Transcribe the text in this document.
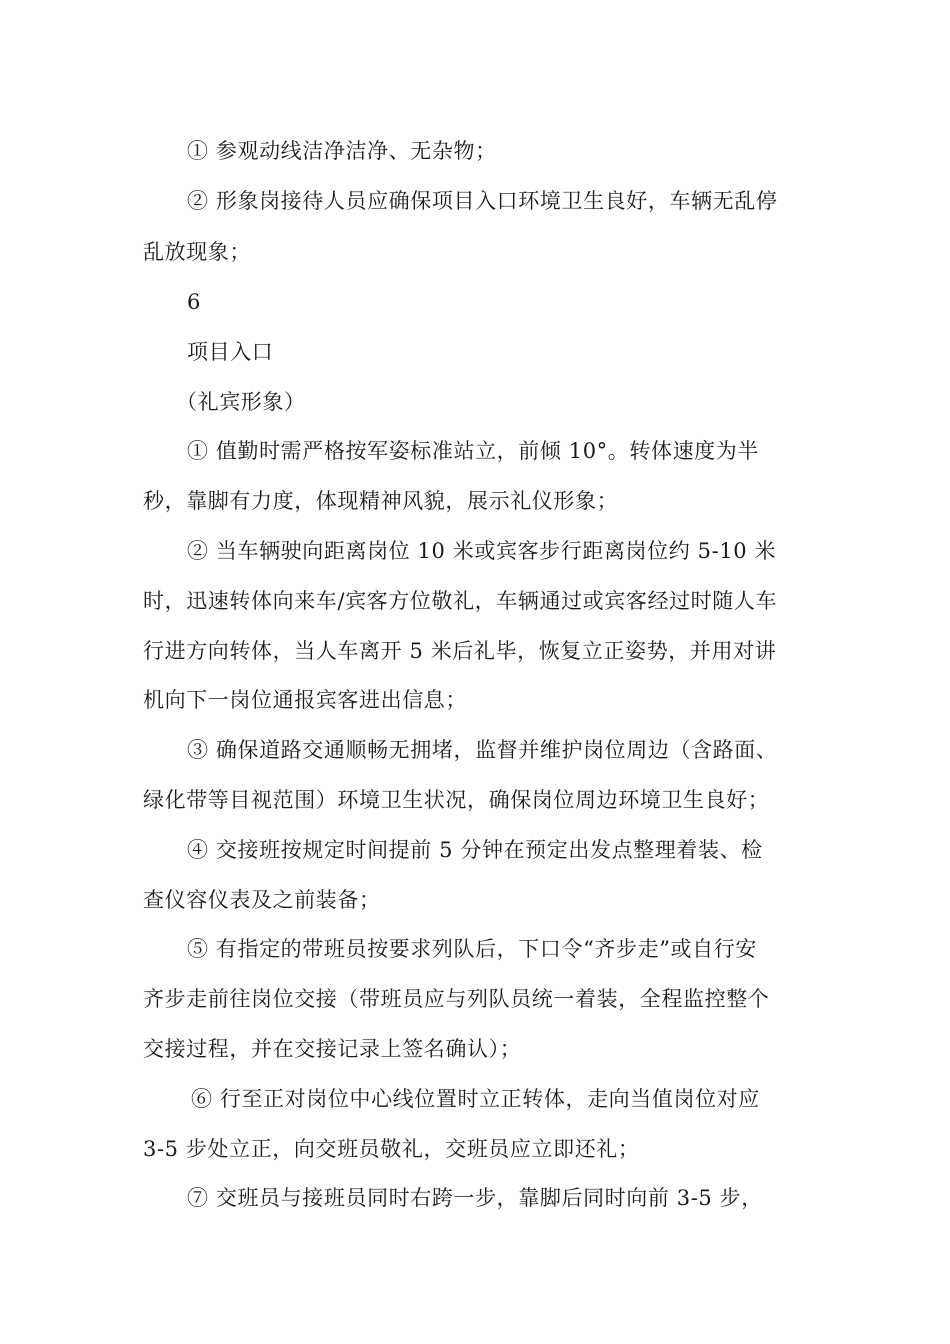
① 参观动线洁净洁净、无杂物；
② 形象岗接待人员应确保项目入口环境卫生良好，车辆无乱停
乱放现象；
6
项目入口
（礼宾形象）
① 值勤时需严格按军姿标准站立，前倾 10°。转体速度为半
秒，靠脚有力度，体现精神风貌，展示礼仪形象；
② 当车辆驶向距离岗位 10 米或宾客步行距离岗位约 5-10 米
时，迅速转体向来车/宾客方位敬礼，车辆通过或宾客经过时随人车
行进方向转体，当人车离开 5 米后礼毕，恢复立正姿势，并用对讲
机向下一岗位通报宾客进出信息；
③ 确保道路交通顺畅无拥堵，监督并维护岗位周边（含路面、
绿化带等目视范围）环境卫生状况，确保岗位周边环境卫生良好；
④ 交接班按规定时间提前 5 分钟在预定出发点整理着装、检
查仪容仪表及之前装备；
⑤ 有指定的带班员按要求列队后，下口令“齐步走”或自行安
齐步走前往岗位交接（带班员应与列队员统一着装，全程监控整个
交接过程，并在交接记录上签名确认）；
⑥ 行至正对岗位中心线位置时立正转体，走向当值岗位对应
3-5 步处立正，向交班员敬礼，交班员应立即还礼；
⑦ 交班员与接班员同时右跨一步，靠脚后同时向前 3-5 步，
